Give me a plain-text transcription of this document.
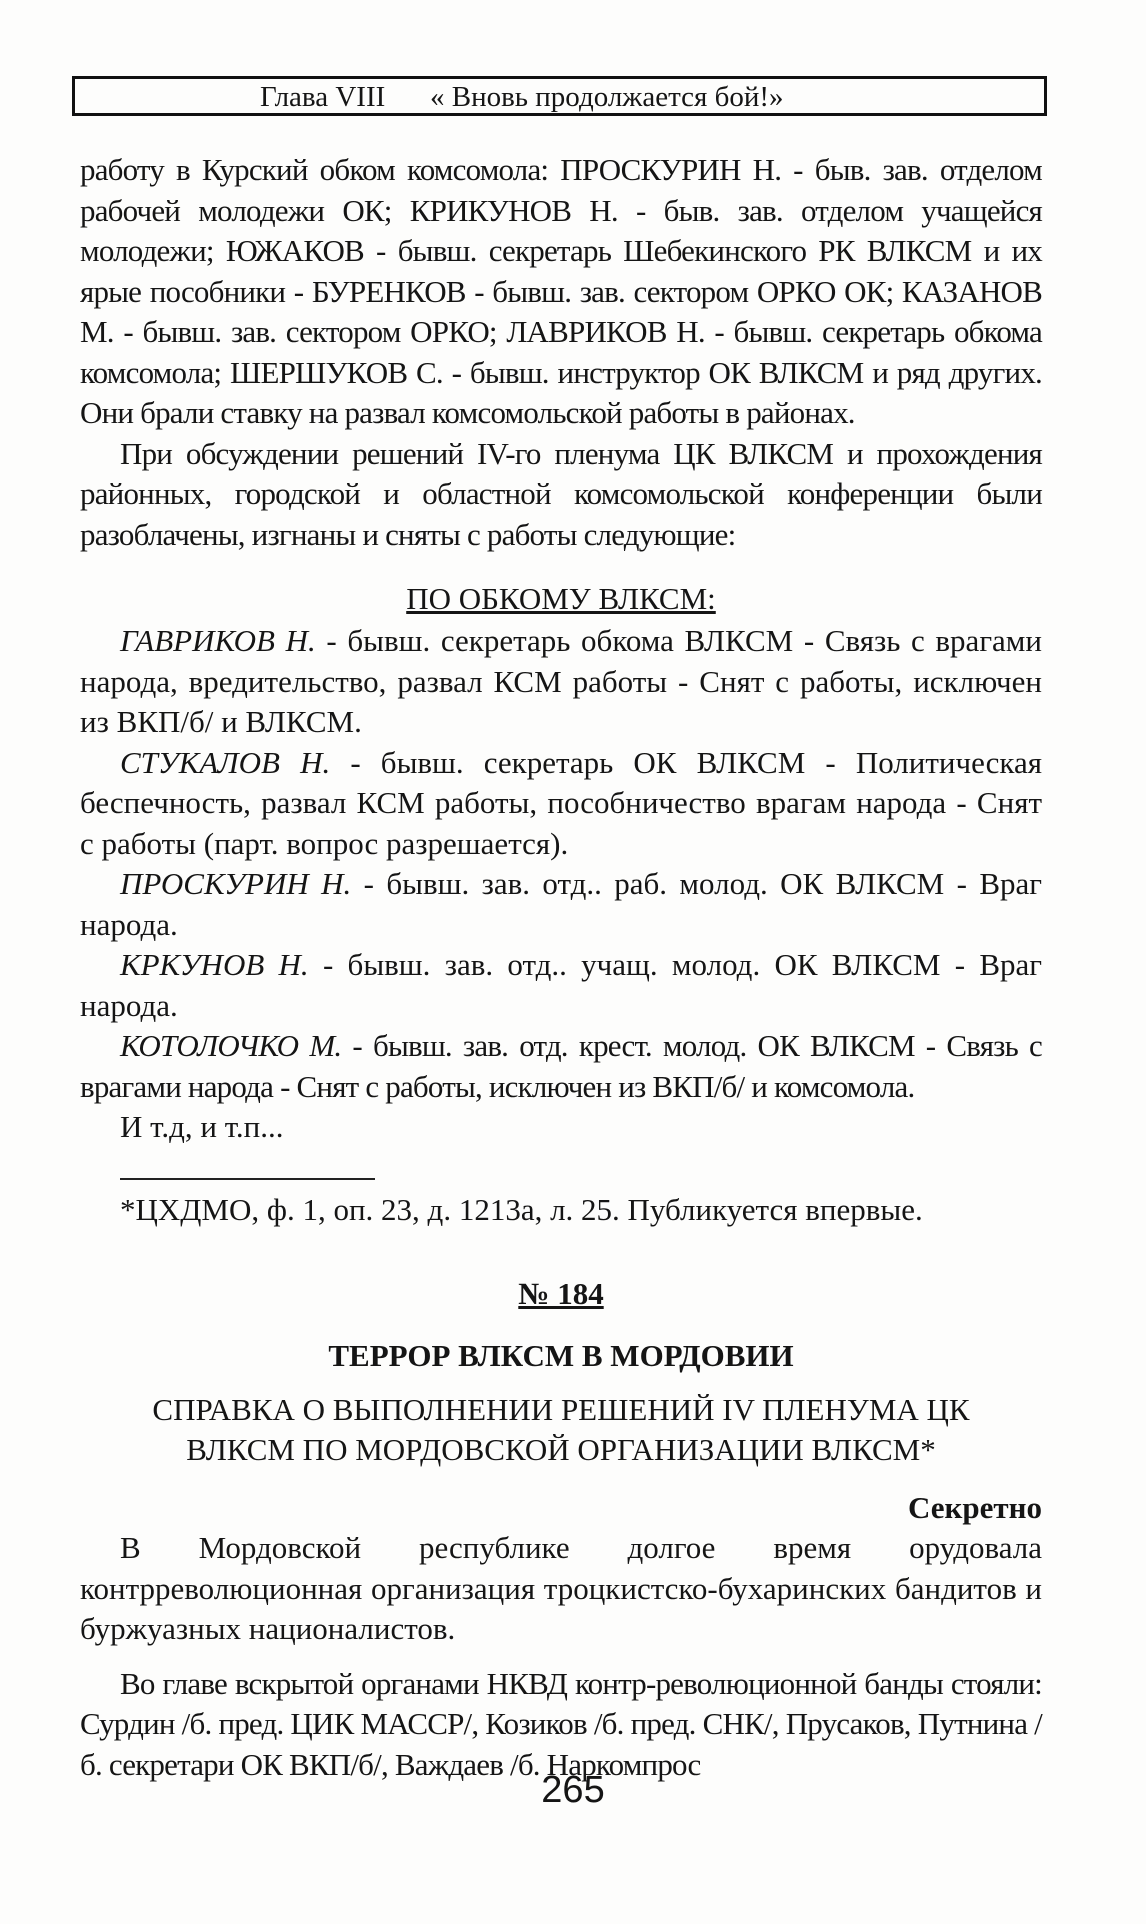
Глава VIII « Вновь продолжается бой!»

работу в Курский обком комсомола: ПРОСКУРИН Н. - быв. зав. отделом рабочей молодежи ОК; КРИКУНОВ Н. - быв. зав. отделом учащейся молодежи; ЮЖАКОВ - бывш. секретарь Шебекинского РК ВЛКСМ и их ярые пособники - БУРЕНКОВ - бывш. зав. сектором ОРКО ОК; КАЗАНОВ М. - бывш. зав. сектором ОРКО; ЛАВРИКОВ Н. - бывш. секретарь обкома комсомола; ШЕРШУКОВ С. - бывш. инструктор ОК ВЛКСМ и ряд других. Они брали ставку на развал комсомольской работы в районах.

При обсуждении решений IV-го пленума ЦК ВЛКСМ и прохождения районных, городской и областной комсомольской конференции были разоблачены, изгнаны и сняты с работы следующие:

ПО ОБКОМУ ВЛКСМ:

ГАВРИКОВ Н. - бывш. секретарь обкома ВЛКСМ - Связь с врагами народа, вредительство, развал КСМ работы - Снят с работы, исключен из ВКП/б/ и ВЛКСМ.

СТУКАЛОВ Н. - бывш. секретарь ОК ВЛКСМ - Политическая беспечность, развал КСМ работы, пособничество врагам народа - Снят с работы (парт. вопрос разрешается).

ПРОСКУРИН Н. - бывш. зав. отд.. раб. молод. ОК ВЛКСМ - Враг народа.

КРКУНОВ Н. - бывш. зав. отд.. учащ. молод. ОК ВЛКСМ - Враг народа.

КОТОЛОЧКО М. - бывш. зав. отд. крест. молод. ОК ВЛКСМ - Связь с врагами народа - Снят с работы, исключен из ВКП/б/ и комсомола.

И т.д, и т.п...

*ЦХДМО, ф. 1, оп. 23, д. 1213а, л. 25. Публикуется впервые.

№ 184
ТЕРРОР ВЛКСМ В МОРДОВИИ
СПРАВКА О ВЫПОЛНЕНИИ РЕШЕНИЙ IV ПЛЕНУМА ЦК ВЛКСМ ПО МОРДОВСКОЙ ОРГАНИЗАЦИИ ВЛКСМ*
Секретно

В Мордовской республике долгое время орудовала контрреволюционная организация троцкистско-бухаринских бандитов и буржуазных националистов.

Во главе вскрытой органами НКВД контр-революционной банды стояли: Сурдин /б. пред. ЦИК МАССР/, Козиков /б. пред. СНК/, Прусаков, Путнина /б. секретари ОК ВКП/б/, Важдаев /б. Наркомпрос

265
